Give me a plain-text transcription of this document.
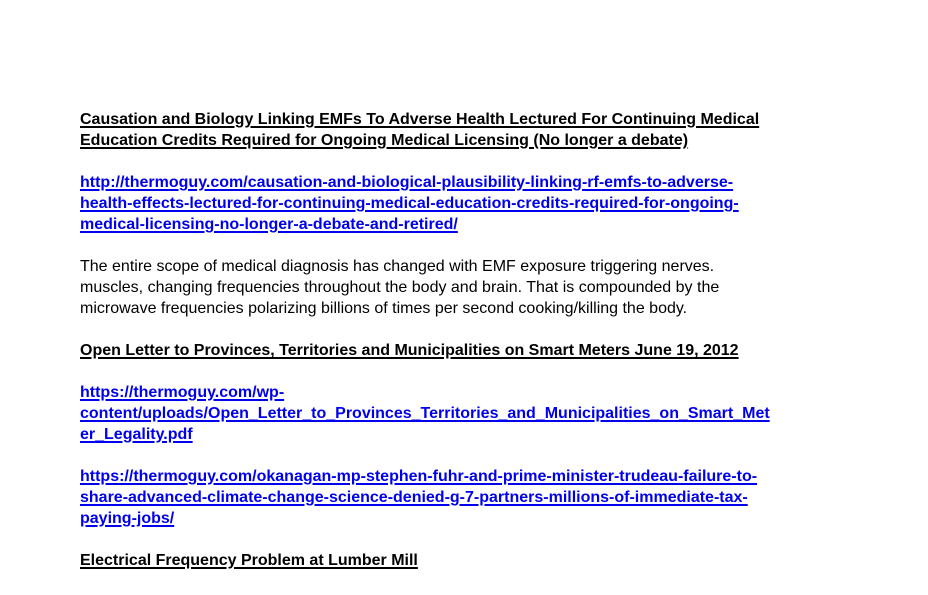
Causation and Biology Linking EMFs To Adverse Health Lectured For Continuing Medical
Education Credits Required for Ongoing Medical Licensing (No longer a debate)
http://thermoguy.com/causation-and-biological-plausibility-linking-rf-emfs-to-adverse-
health-effects-lectured-for-continuing-medical-education-credits-required-for-ongoing-
medical-licensing-no-longer-a-debate-and-retired/
The entire scope of medical diagnosis has changed with EMF exposure triggering nerves.
muscles, changing frequencies throughout the body and brain. That is compounded by the
microwave frequencies polarizing billions of times per second cooking/killing the body.
Open Letter to Provinces, Territories and Municipalities on Smart Meters June 19, 2012
https://thermoguy.com/wp-
content/uploads/Open_Letter_to_Provinces_Territories_and_Municipalities_on_Smart_Met
er_Legality.pdf
https://thermoguy.com/okanagan-mp-stephen-fuhr-and-prime-minister-trudeau-failure-to-
share-advanced-climate-change-science-denied-g-7-partners-millions-of-immediate-tax-
paying-jobs/
Electrical Frequency Problem at Lumber Mill
